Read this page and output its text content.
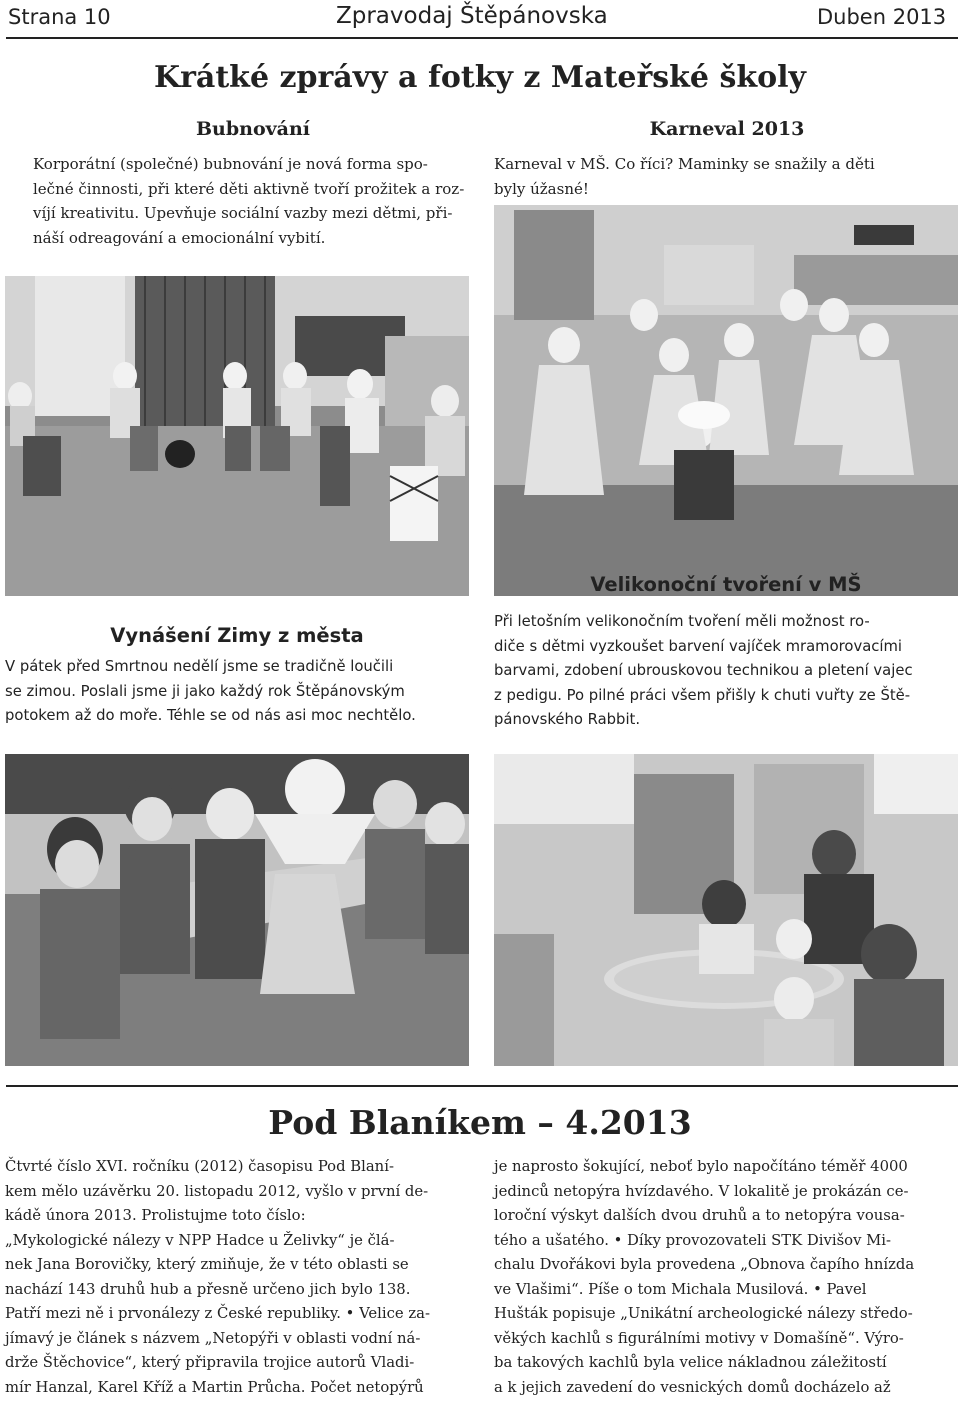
Strana 10	Zpravodaj Štěpánovska	Duben 2013
Krátké zprávy a fotky z Mateřské školy
Bubnování
Korporátní (společné) bubnování je nová forma spo-
lečné činnosti, při které děti aktivně tvoří prožitek a roz-
víjí kreativitu. Upevňuje sociální vazby mezi dětmi, při-
náší odreagování a emocionální vybití.
Karneval 2013
Karneval v MŠ. Co říci? Maminky se snažily a děti
byly úžasné!
Vynášení Zimy z města
V pátek před Smrtnou nedělí jsme se tradičně loučili
se zimou. Poslali jsme ji jako každý rok Štěpánovským
potokem až do moře. Téhle se od nás asi moc nechtělo.
Velikonoční tvoření v MŠ
Při letošním velikonočním tvoření měli možnost ro-
diče s dětmi vyzkoušet barvení vajíček mramorovacími
barvami, zdobení ubrouskovou technikou a pletení vajec
z pedigu. Po pilné práci všem přišly k chuti vuřty ze Ště-
pánovského Rabbit.
Pod Blaníkem – 4.2013
Čtvrté číslo XVI. ročníku (2012) časopisu Pod Blaní-
kem mělo uzávěrku 20. listopadu 2012, vyšlo v první de-
kádě února 2013. Prolistujme toto číslo:
„Mykologické nálezy v NPP Hadce u Želivky“ je člá-
nek Jana Borovičky, který zmiňuje, že v této oblasti se
nachází 143 druhů hub a přesně určeno jich bylo 138.
Patří mezi ně i prvonálezy z České republiky. • Velice za-
jímavý je článek s názvem „Netopýři v oblasti vodní ná-
drže Štěchovice“, který připravila trojice autorů Vladi-
mír Hanzal, Karel Kříž a Martin Průcha. Počet netopýrů
je naprosto šokující, neboť bylo napočítáno téměř 4000
jedinců netopýra hvízdavého. V lokalitě je prokázán ce-
loroční výskyt dalších dvou druhů a to netopýra vousa-
tého a ušatého. • Díky provozovateli STK Divišov Mi-
chalu Dvořákovi byla provedena „Obnova čapího hnízda
ve Vlašimi“. Píše o tom Michala Musilová. • Pavel
Hušták popisuje „Unikátní archeologické nálezy středo-
věkých kachlů s figurálními motivy v Domašíně“. Výro-
ba takových kachlů byla velice nákladnou záležitostí
a k jejich zavedení do vesnických domů docházelo až
